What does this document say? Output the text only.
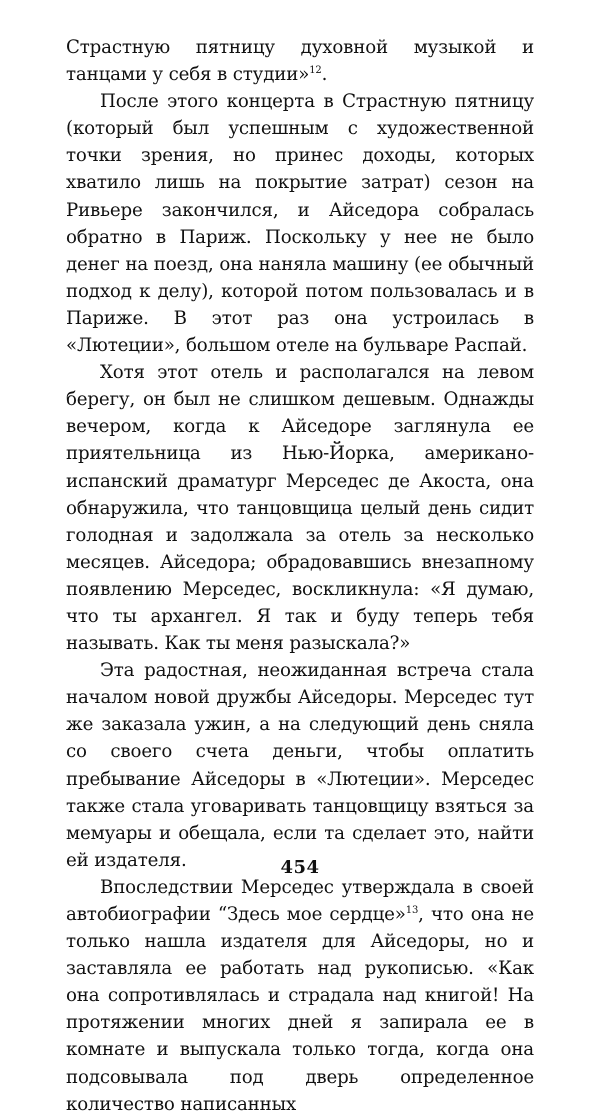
Страстную пятницу духовной музыкой и танцами у себя в студии»$^{12}$.

После этого концерта в Страстную пятницу (который был успешным с художественной точки зрения, но принес доходы, которых хватило лишь на покрытие затрат) сезон на Ривьере закончился, и Айседора собралась обратно в Париж. Поскольку у нее не было денег на поезд, она наняла машину (ее обычный подход к делу), которой потом пользовалась и в Париже. В этот раз она устроилась в «Лютеции», большом отеле на бульваре Распай.

Хотя этот отель и располагался на левом берегу, он был не слишком дешевым. Однажды вечером, когда к Айседоре заглянула ее приятельница из Нью-Йорка, американо-испанский драматург Мерседес де Акоста, она обнаружила, что танцовщица целый день сидит голодная и задолжала за отель за несколько месяцев. Айседора; обрадовавшись внезапному появлению Мерседес, воскликнула: «Я думаю, что ты архангел. Я так и буду теперь тебя называть. Как ты меня разыскала?»

Эта радостная, неожиданная встреча стала началом новой дружбы Айседоры. Мерседес тут же заказала ужин, а на следующий день сняла со своего счета деньги, чтобы оплатить пребывание Айседоры в «Лютеции». Мерседес также стала уговаривать танцовщицу взяться за мемуары и обещала, если та сделает это, найти ей издателя.

Впоследствии Мерседес утверждала в своей автобиографии “Здесь мое сердце»$^{13}$, что она не только нашла издателя для Айседоры, но и заставляла ее работать над рукописью. «Как она сопротивлялась и страдала над книгой! На протяжении многих дней я запирала ее в комнате и выпускала только тогда, когда она подсовывала под дверь определенное количество написанных

454
